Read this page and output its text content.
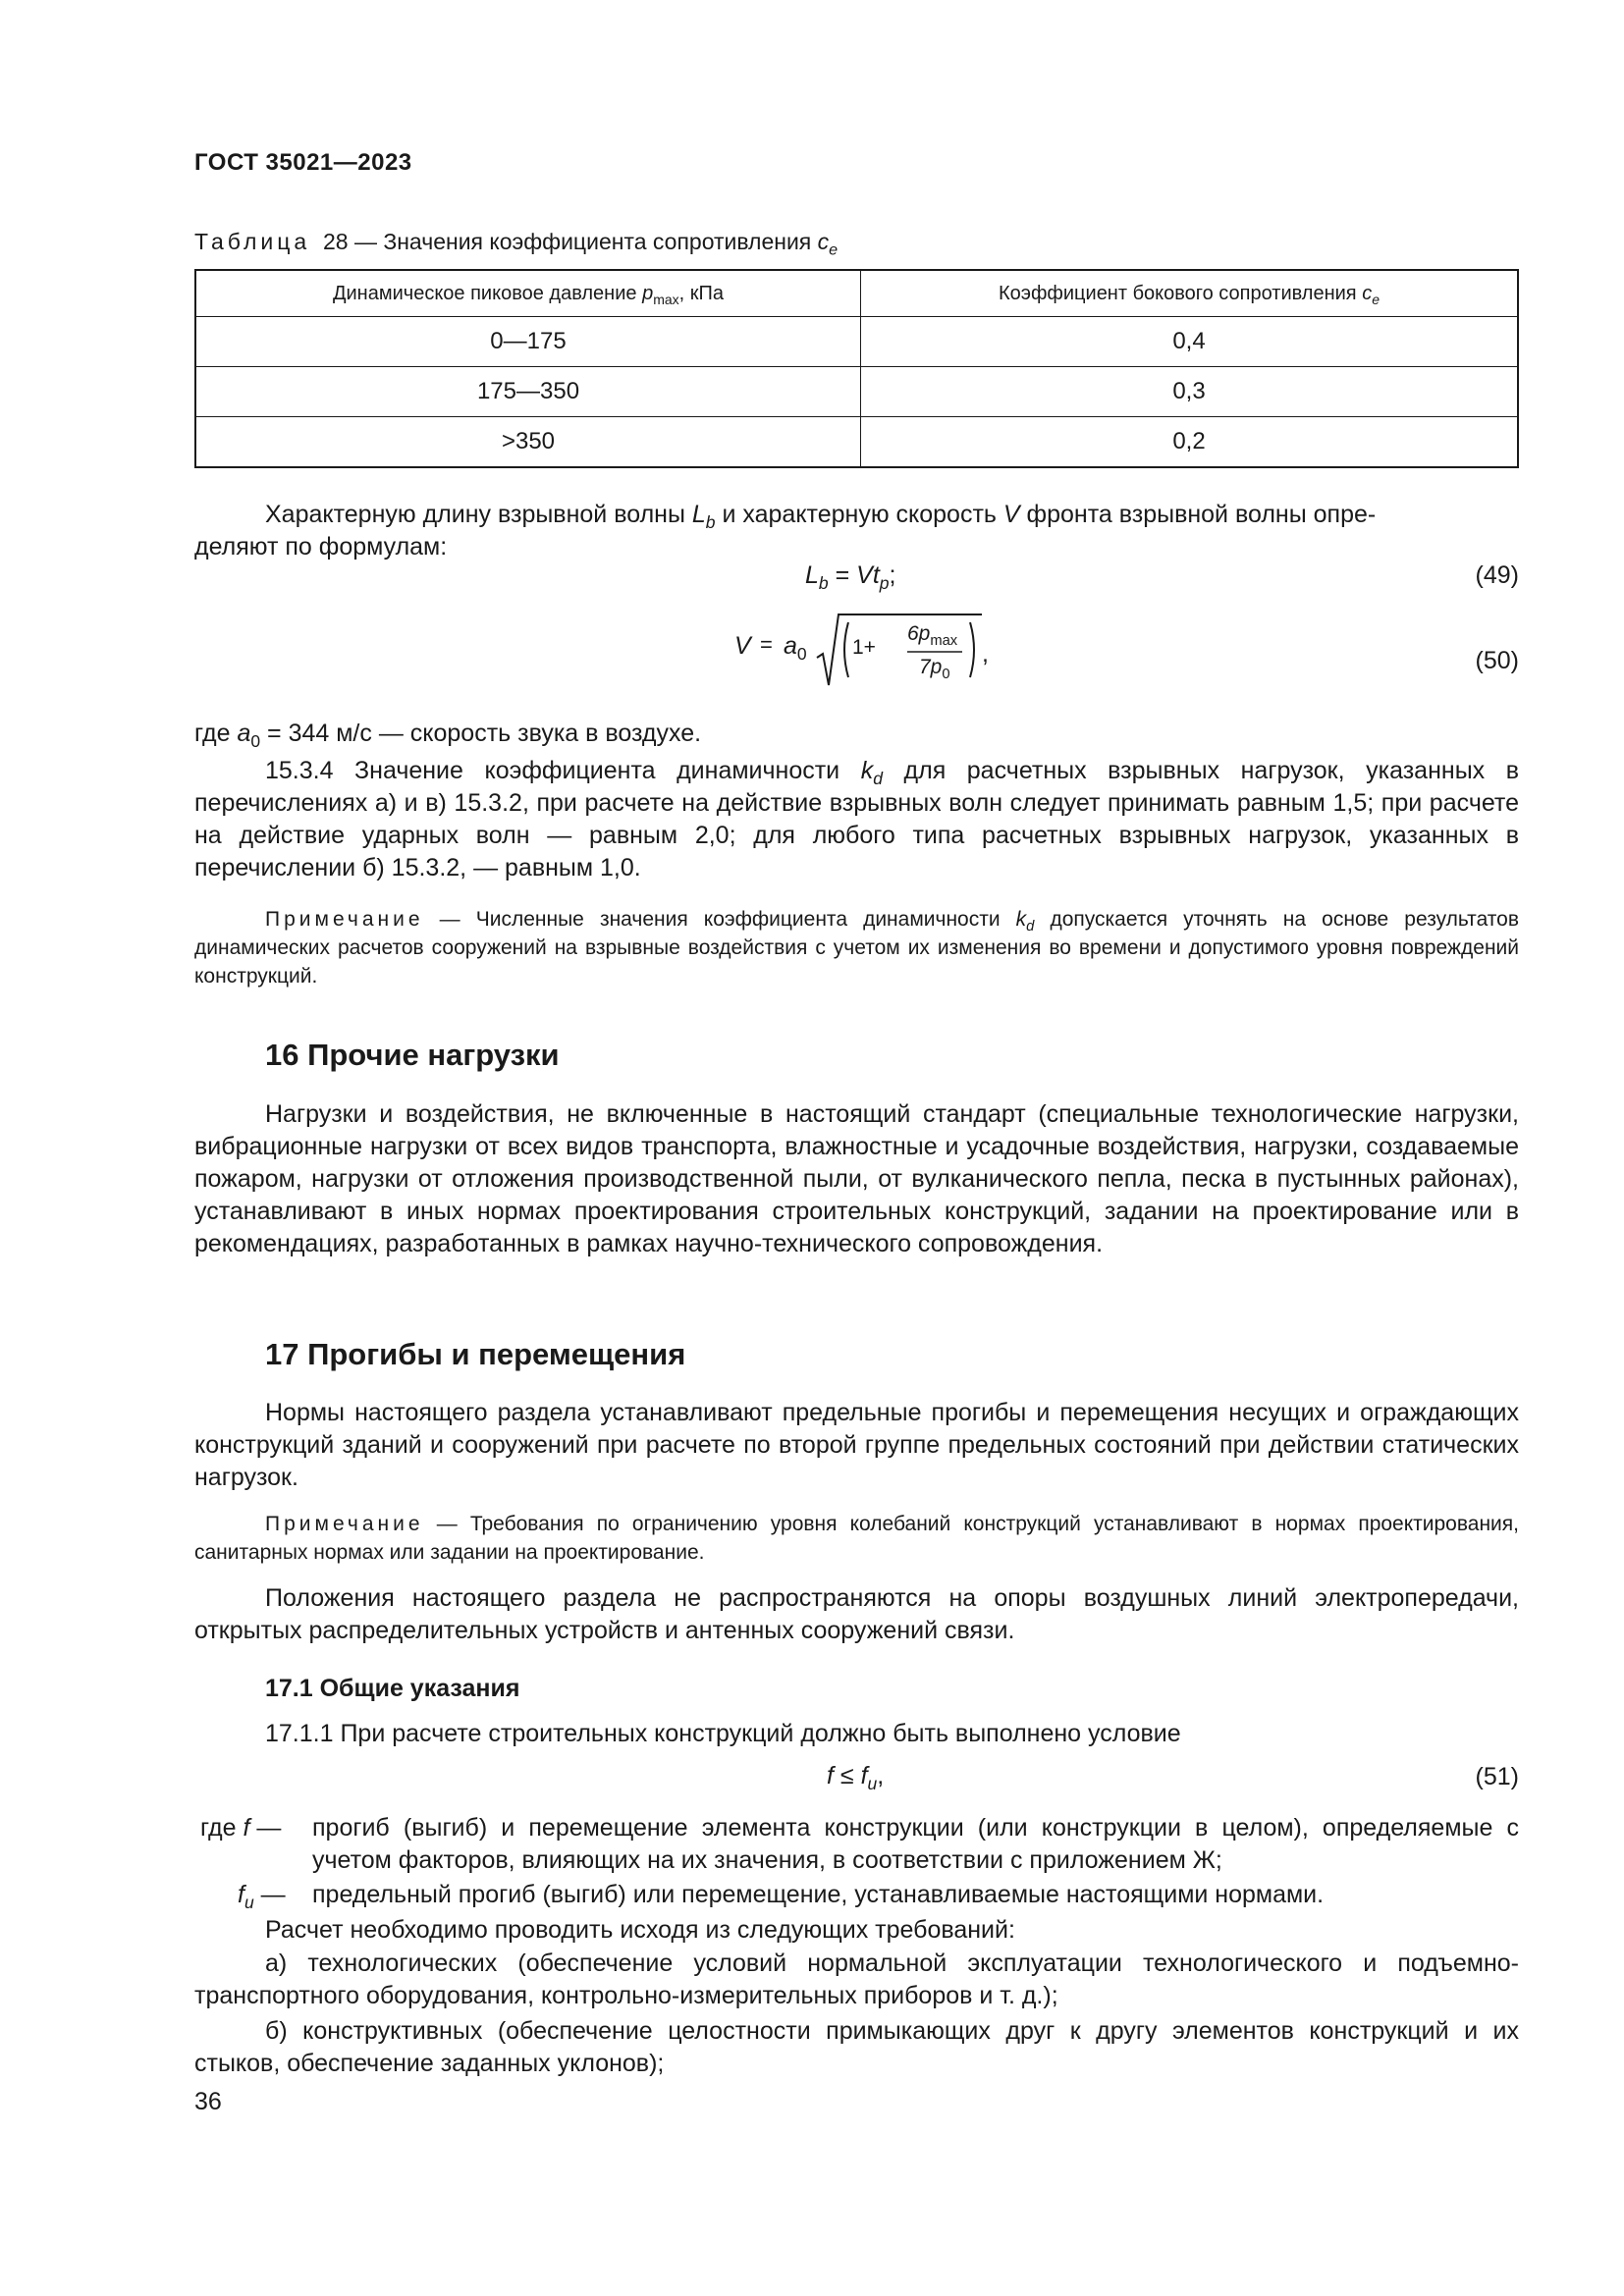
ГОСТ 35021—2023
Таблица 28 — Значения коэффициента сопротивления $c_e$
Динамическое пиковое давление $p_{max}$, кПа	Коэффициент бокового сопротивления $c_e$
0—175	0,4
175—350	0,3
>350	0,2
Характерную длину взрывной волны $L_b$ и характерную скорость V фронта взрывной волны опре-
деляют по формулам:
$L_b = Vt_p$;	(49)
$V = a_0$ 1+
$6p_{max}$
$7p_0$
,	(50)
где $a_0 = 344$ м/с — скорость звука в воздухе.
15.3.4 Значение коэффициента динамичности $k_d$ для расчетных взрывных нагрузок, указанных в перечислениях а) и в) 15.3.2, при расчете на действие взрывных волн следует принимать равным 1,5; при расчете на действие ударных волн — равным 2,0; для любого типа расчетных взрывных нагрузок, указанных в перечислении б) 15.3.2, — равным 1,0.
Примечание — Численные значения коэффициента динамичности $k_d$ допускается уточнять на основе результатов динамических расчетов сооружений на взрывные воздействия с учетом их изменения во времени и допустимого уровня повреждений конструкций.
16 Прочие нагрузки
Нагрузки и воздействия, не включенные в настоящий стандарт (специальные технологические нагрузки, вибрационные нагрузки от всех видов транспорта, влажностные и усадочные воздействия, нагрузки, создаваемые пожаром, нагрузки от отложения производственной пыли, от вулканического пепла, песка в пустынных районах), устанавливают в иных нормах проектирования строительных конструкций, задании на проектирование или в рекомендациях, разработанных в рамках научно-технического сопровождения.
17 Прогибы и перемещения
Нормы настоящего раздела устанавливают предельные прогибы и перемещения несущих и ограждающих конструкций зданий и сооружений при расчете по второй группе предельных состояний при действии статических нагрузок.
Примечание — Требования по ограничению уровня колебаний конструкций устанавливают в нормах проектирования, санитарных нормах или задании на проектирование.
Положения настоящего раздела не распространяются на опоры воздушных линий электропередачи, открытых распределительных устройств и антенных сооружений связи.
17.1 Общие указания
17.1.1 При расчете строительных конструкций должно быть выполнено условие
$f \le f_u$,	(51)
где f — прогиб (выгиб) и перемещение элемента конструкции (или конструкции в целом), определяемые с учетом факторов, влияющих на их значения, в соответствии с приложением Ж;
$f_u$ — предельный прогиб (выгиб) или перемещение, устанавливаемые настоящими нормами.
Расчет необходимо проводить исходя из следующих требований:
а) технологических (обеспечение условий нормальной эксплуатации технологического и подъемно-транспортного оборудования, контрольно-измерительных приборов и т. д.);
б) конструктивных (обеспечение целостности примыкающих друг к другу элементов конструкций и их стыков, обеспечение заданных уклонов);
36
